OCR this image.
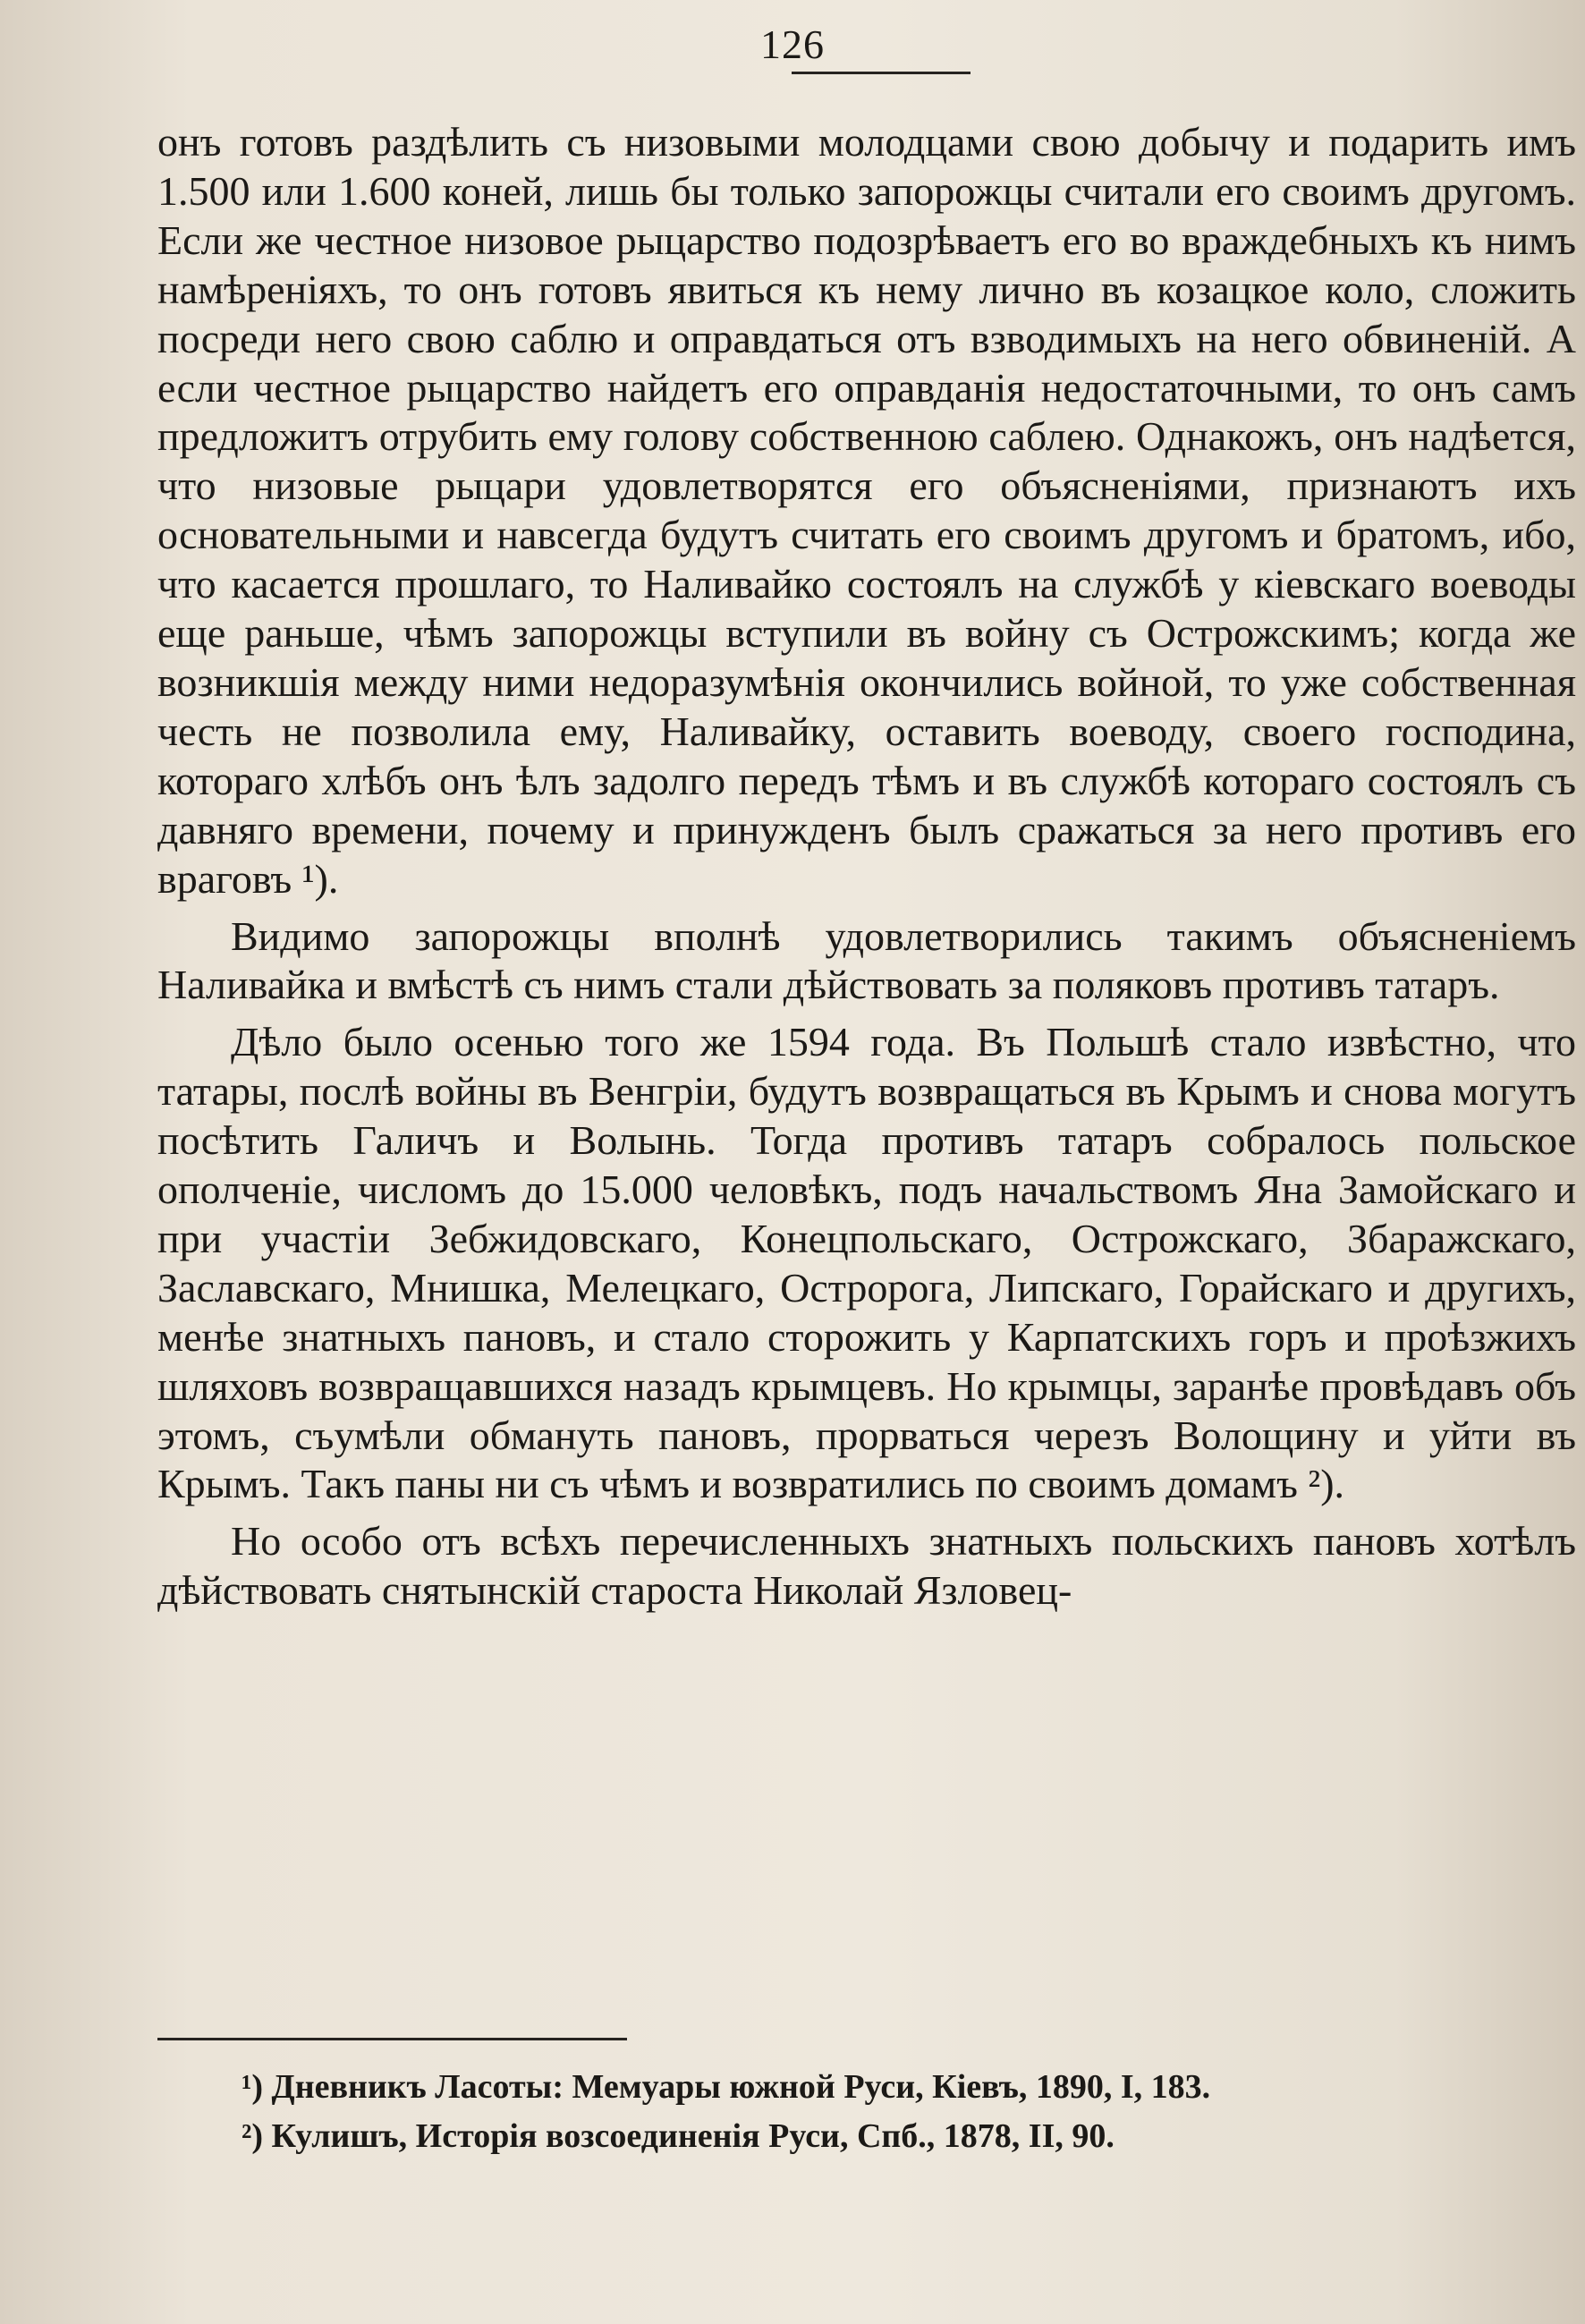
126

онъ готовъ раздѣлить съ низовыми молодцами свою добычу и подарить имъ 1.500 или 1.600 коней, лишь бы только запорожцы считали его своимъ другомъ. Если же честное низовое рыцарство подозрѣваетъ его во враждебныхъ къ нимъ намѣреніяхъ, то онъ готовъ явиться къ нему лично въ козацкое коло, сложить посреди него свою саблю и оправдаться отъ взводимыхъ на него обвиненій. А если честное рыцарство найдетъ его оправданія недостаточными, то онъ самъ предложитъ отрубить ему голову собственною саблею. Однакожъ, онъ надѣется, что низовые рыцари удовлетворятся его объясненіями, признаютъ ихъ основательными и навсегда будутъ считать его своимъ другомъ и братомъ, ибо, что касается прошлаго, то Наливайко состоялъ на службѣ у кіевскаго воеводы еще раньше, чѣмъ запорожцы вступили въ войну съ Острожскимъ; когда же возникшія между ними недоразумѣнія окончились войной, то уже собственная честь не позволила ему, Наливайку, оставить воеводу, своего господина, котораго хлѣбъ онъ ѣлъ задолго передъ тѣмъ и въ службѣ котораго состоялъ съ давняго времени, почему и принужденъ былъ сражаться за него противъ его враговъ ¹).

Видимо запорожцы вполнѣ удовлетворились такимъ объясненіемъ Наливайка и вмѣстѣ съ нимъ стали дѣйствовать за поляковъ противъ татаръ.

Дѣло было осенью того же 1594 года. Въ Польшѣ стало извѣстно, что татары, послѣ войны въ Венгріи, будутъ возвращаться въ Крымъ и снова могутъ посѣтить Галичъ и Волынь. Тогда противъ татаръ собралось польское ополченіе, числомъ до 15.000 человѣкъ, подъ начальствомъ Яна Замойскаго и при участіи Зебжидовскаго, Конецпольскаго, Острожскаго, Збаражскаго, Заславскаго, Мнишка, Мелецкаго, Остророга, Липскаго, Горайскаго и другихъ, менѣе знатныхъ пановъ, и стало сторожить у Карпатскихъ горъ и проѣзжихъ шляховъ возвращавшихся назадъ крымцевъ. Но крымцы, заранѣе провѣдавъ объ этомъ, съумѣли обмануть пановъ, прорваться черезъ Волощину и уйти въ Крымъ. Такъ паны ни съ чѣмъ и возвратились по своимъ домамъ ²).

Но особо отъ всѣхъ перечисленныхъ знатныхъ польскихъ пановъ хотѣлъ дѣйствовать снятынскій староста Николай Язловец-

¹) Дневникъ Ласоты: Мемуары южной Руси, Кіевъ, 1890, I, 183.

²) Кулишъ, Исторія возсоединенія Руси, Спб., 1878, II, 90.
